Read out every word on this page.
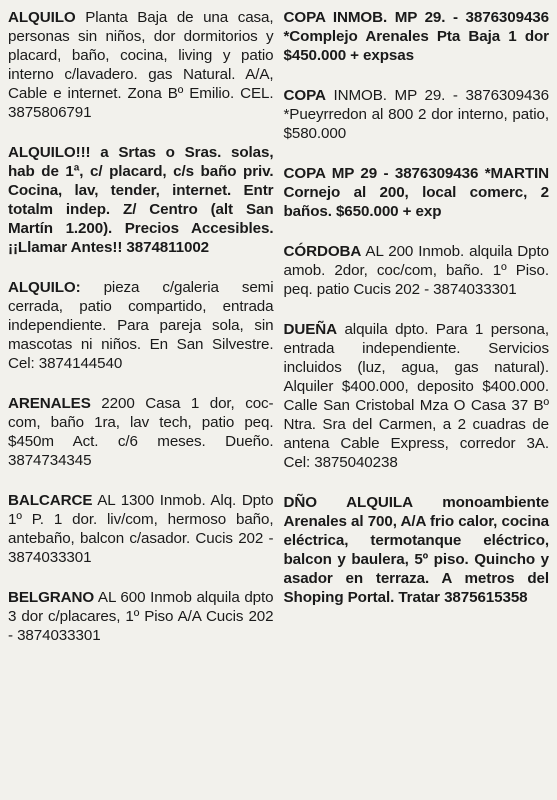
ALQUILO Planta Baja de una casa, personas sin niños, dor dormitorios y placard, baño, cocina, living y patio interno c/lavadero. gas Natural. A/A, Cable e internet. Zona Bº Emilio. CEL. 3875806791

ALQUILO!!! a Srtas o Sras. solas, hab de 1ª, c/ placard, c/s baño priv. Cocina, lav, tender, internet. Entr totalm indep. Z/ Centro (alt San Martín 1.200). Precios Accesibles. ¡¡Llamar Antes!! 3874811002

ALQUILO: pieza c/galeria semi cerrada, patio compartido, entrada independiente. Para pareja sola, sin mascotas ni niños. En San Silvestre. Cel: 3874144540

ARENALES 2200 Casa 1 dor, coc-com, baño 1ra, lav tech, patio peq. $450m Act. c/6 meses. Dueño. 3874734345

BALCARCE AL 1300 Inmob. Alq. Dpto 1º P. 1 dor. liv/com, hermoso baño, antebaño, balcon c/asador. Cucis 202 - 3874033301

BELGRANO AL 600 Inmob alquila dpto 3 dor c/placares, 1º Piso A/A Cucis 202 - 3874033301

COPA INMOB. MP 29. - 3876309436 *Complejo Arenales Pta Baja 1 dor $450.000 + expsas

COPA INMOB. MP 29. - 3876309436 *Pueyrredon al 800 2 dor interno, patio, $580.000

COPA MP 29 - 3876309436 *MARTIN Cornejo al 200, local comerc, 2 baños. $650.000 + exp

CÓRDOBA AL 200 Inmob. alquila Dpto amob. 2dor, coc/com, baño. 1º Piso. peq. patio Cucis 202 - 3874033301

DUEÑA alquila dpto. Para 1 persona, entrada independiente. Servicios incluidos (luz, agua, gas natural). Alquiler $400.000, deposito $400.000. Calle San Cristobal Mza O Casa 37 Bº Ntra. Sra del Carmen, a 2 cuadras de antena Cable Express, corredor 3A. Cel: 3875040238

DÑO ALQUILA monoambiente Arenales al 700, A/A frio calor, cocina eléctrica, termotanque eléctrico, balcon y baulera, 5º piso. Quincho y asador en terraza. A metros del Shoping Portal. Tratar 3875615358
